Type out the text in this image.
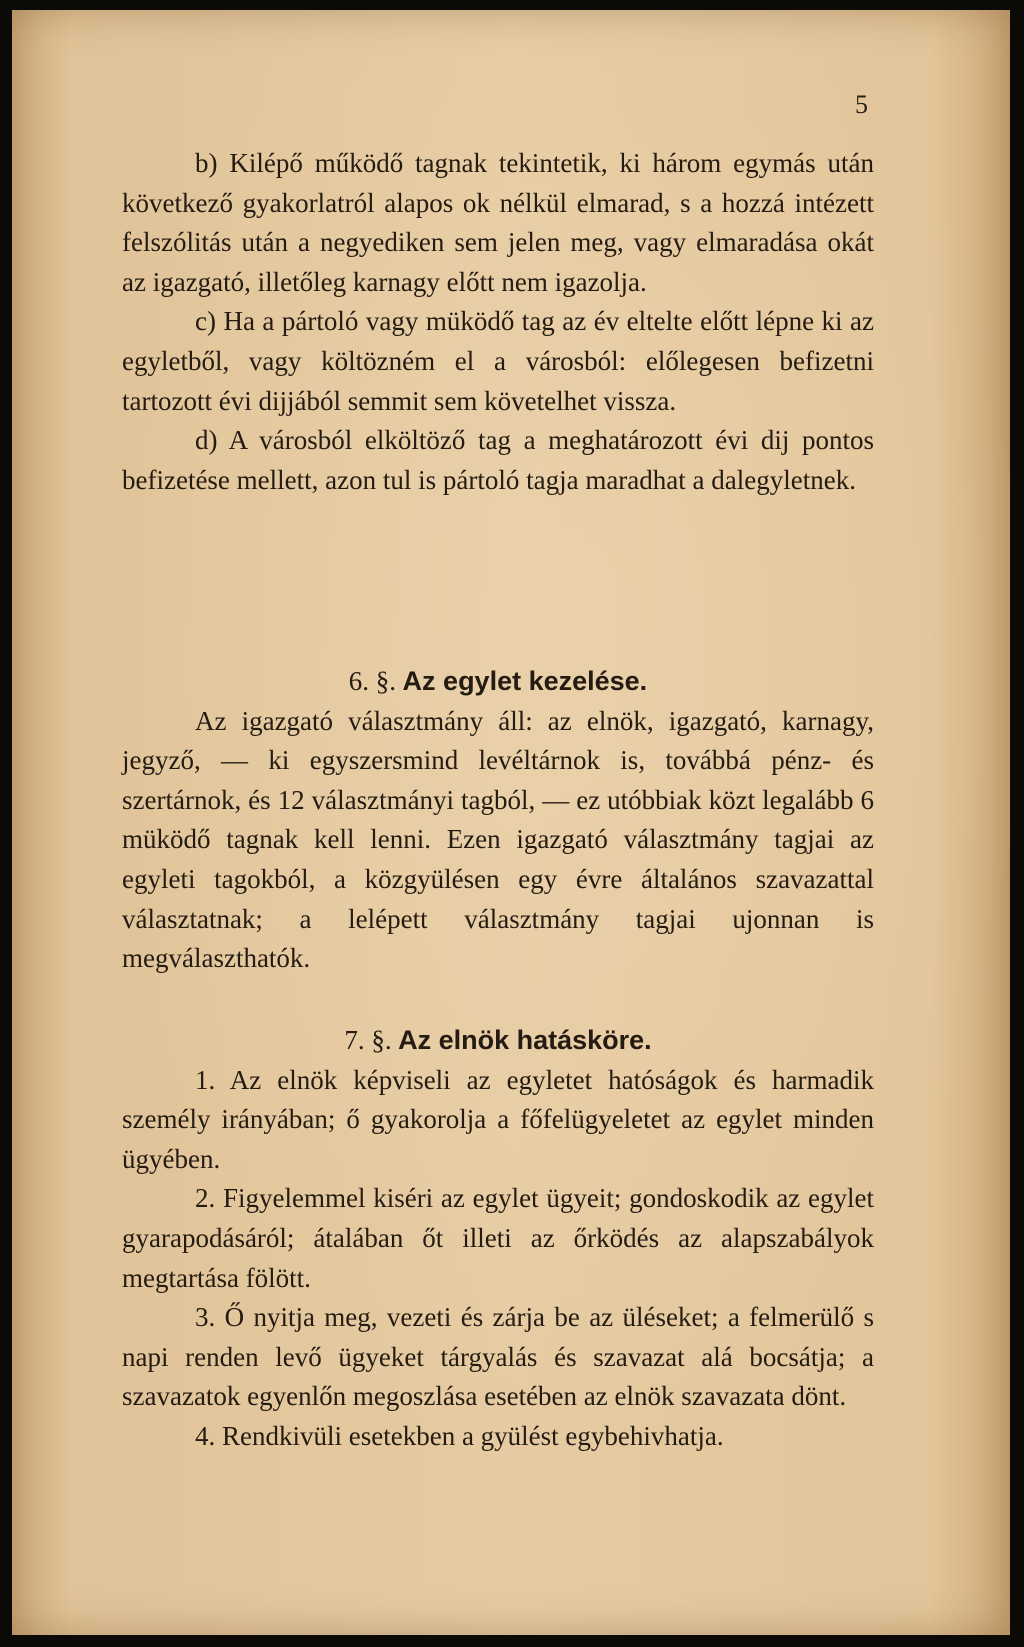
5

b) Kilépő működő tagnak tekintetik, ki három egymás után következő gyakorlatról alapos ok nélkül elmarad, s a hozzá intézett felszólitás után a negyediken sem jelen meg, vagy elmaradása okát az igazgató, illetőleg karnagy előtt nem igazolja.

c) Ha a pártoló vagy müködő tag az év eltelte előtt lépne ki az egyletből, vagy költözném el a városból: előlegesen befizetni tartozott évi dijjából semmit sem követelhet vissza.

d) A városból elköltöző tag a meghatározott évi dij pontos befizetése mellett, azon tul is pártoló tagja maradhat a dalegyletnek.

6. §. Az egylet kezelése.

Az igazgató választmány áll: az elnök, igazgató, karnagy, jegyző, — ki egyszersmind levéltárnok is, továbbá pénz- és szertárnok, és 12 választmányi tagból, — ez utóbbiak közt legalább 6 müködő tagnak kell lenni. Ezen igazgató választmány tagjai az egyleti tagokból, a közgyülésen egy évre általános szavazattal választatnak; a lelépett választmány tagjai ujonnan is megválaszthatók.

7. §. Az elnök hatásköre.

1. Az elnök képviseli az egyletet hatóságok és harmadik személy irányában; ő gyakorolja a főfelügyeletet az egylet minden ügyében.

2. Figyelemmel kiséri az egylet ügyeit; gondoskodik az egylet gyarapodásáról; átalában őt illeti az őrködés az alapszabályok megtartása fölött.

3. Ő nyitja meg, vezeti és zárja be az üléseket; a felmerülő s napi renden levő ügyeket tárgyalás és szavazat alá bocsátja; a szavazatok egyenlőn megoszlása esetében az elnök szavazata dönt.

4. Rendkivüli esetekben a gyülést egybehivhatja.
